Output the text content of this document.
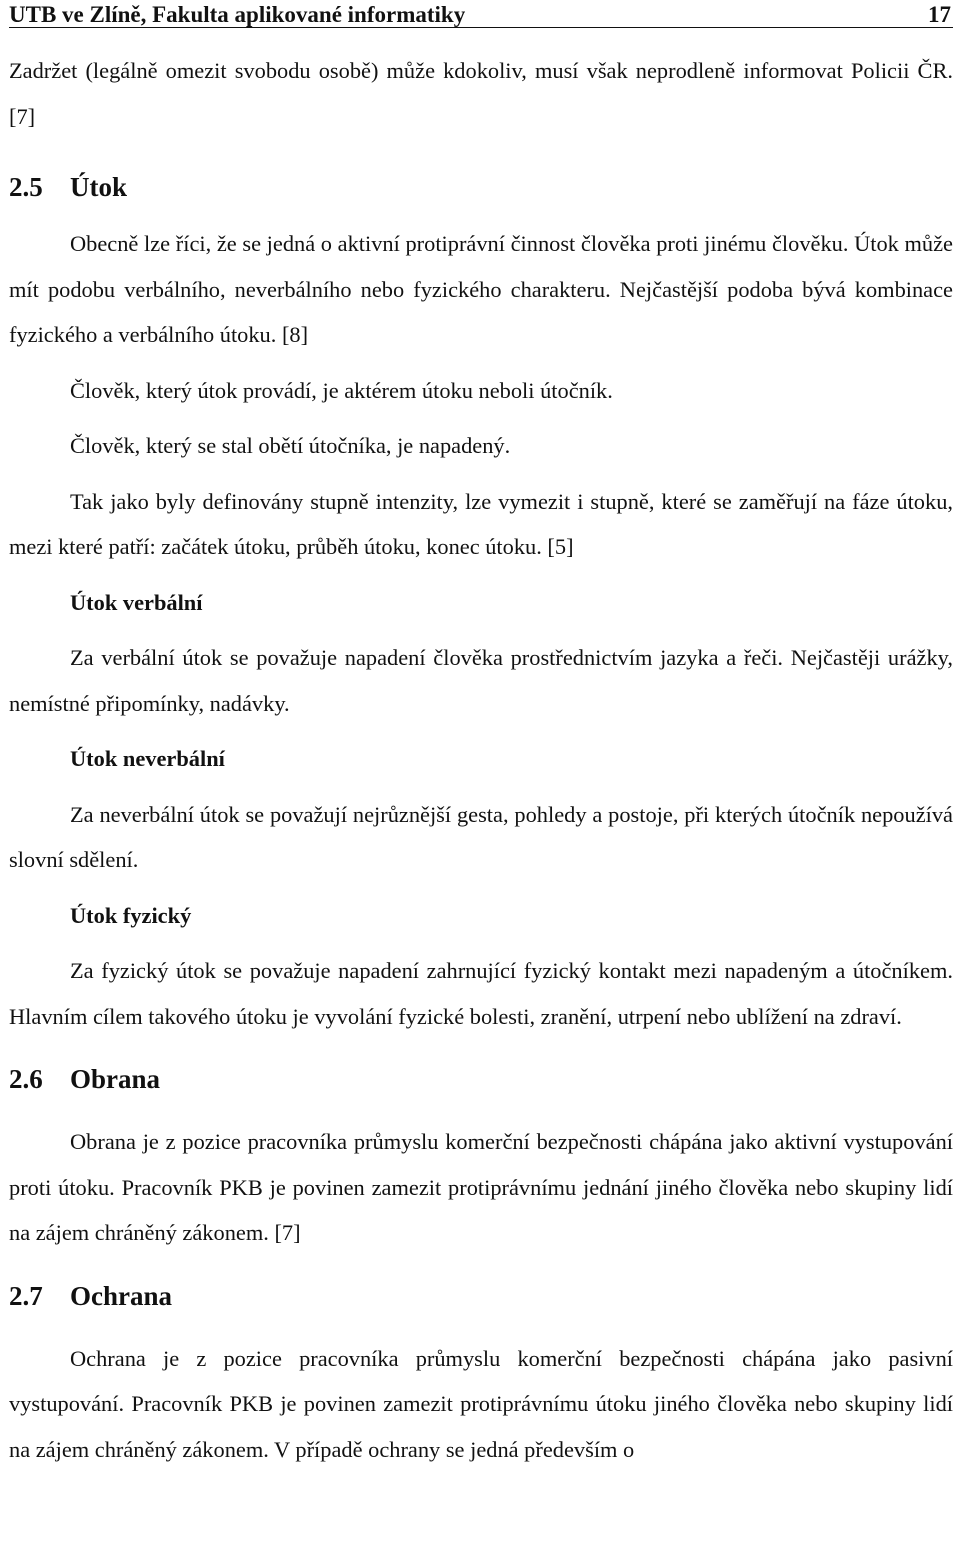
UTB ve Zlíně, Fakulta aplikované informatiky	17

Zadržet (legálně omezit svobodu osobě) může kdokoliv, musí však neprodleně informovat Policii ČR. [7]

2.5 Útok

Obecně lze říci, že se jedná o aktivní protiprávní činnost člověka proti jinému člověku. Útok může mít podobu verbálního, neverbálního nebo fyzického charakteru. Nejčastější podoba bývá kombinace fyzického a verbálního útoku. [8]

Člověk, který útok provádí, je aktérem útoku neboli útočník.

Člověk, který se stal obětí útočníka, je napadený.

Tak jako byly definovány stupně intenzity, lze vymezit i stupně, které se zaměřují na fáze útoku, mezi které patří: začátek útoku, průběh útoku, konec útoku. [5]

Útok verbální

Za verbální útok se považuje napadení člověka prostřednictvím jazyka a řeči. Nejčastěji urážky, nemístné připomínky, nadávky.

Útok neverbální

Za neverbální útok se považují nejrůznější gesta, pohledy a postoje, při kterých útočník nepoužívá slovní sdělení.

Útok fyzický

Za fyzický útok se považuje napadení zahrnující fyzický kontakt mezi napadeným a útočníkem. Hlavním cílem takového útoku je vyvolání fyzické bolesti, zranění, utrpení nebo ublížení na zdraví.

2.6 Obrana

Obrana je z pozice pracovníka průmyslu komerční bezpečnosti chápána jako aktivní vystupování proti útoku. Pracovník PKB je povinen zamezit protiprávnímu jednání jiného člověka nebo skupiny lidí na zájem chráněný zákonem. [7]

2.7 Ochrana

Ochrana je z pozice pracovníka průmyslu komerční bezpečnosti chápána jako pasivní vystupování. Pracovník PKB je povinen zamezit protiprávnímu útoku jiného člověka nebo skupiny lidí na zájem chráněný zákonem. V případě ochrany se jedná především o
